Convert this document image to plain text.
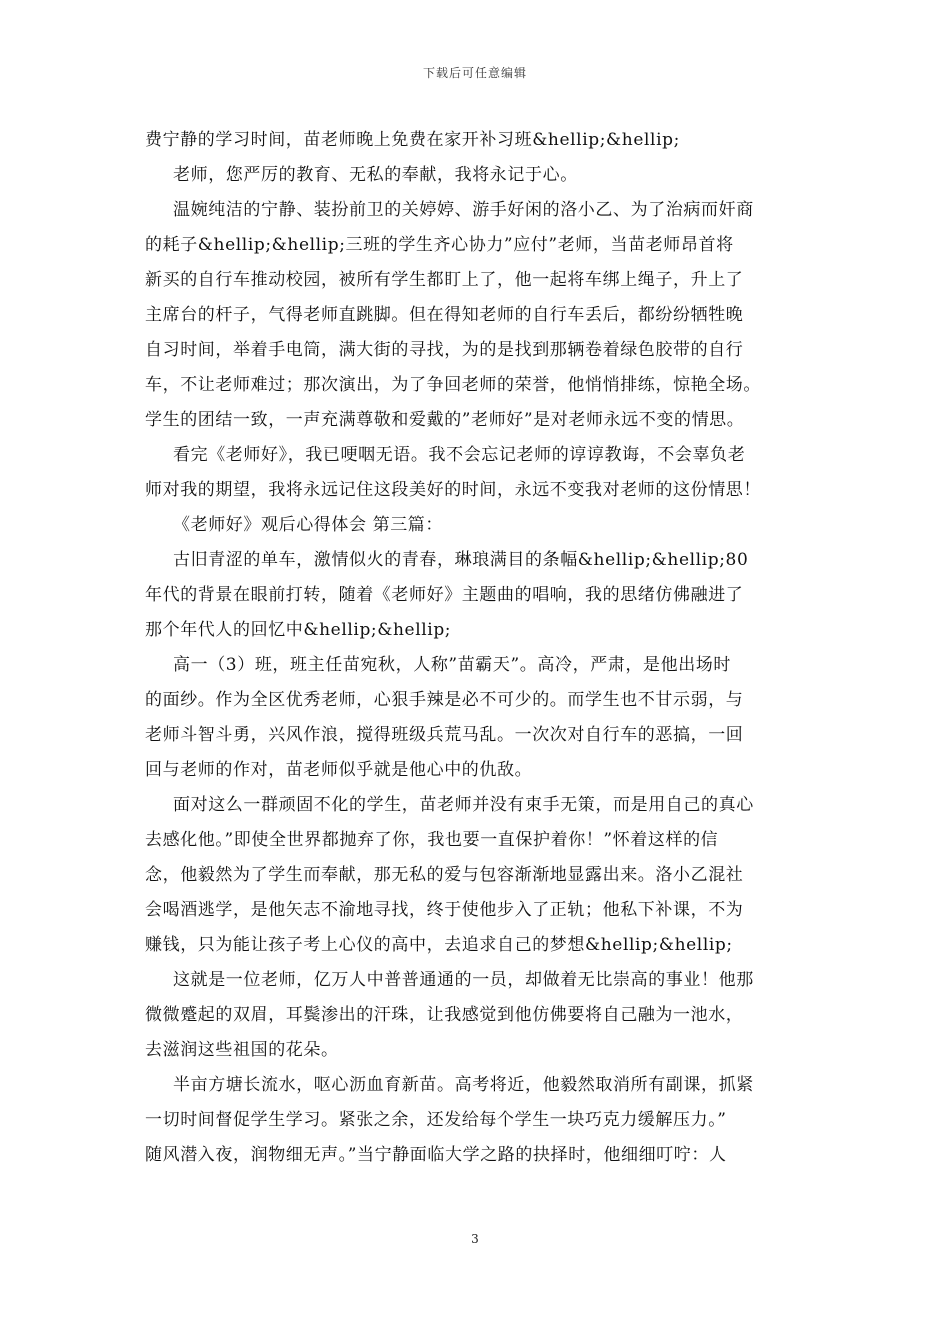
下载后可任意编辑
费宁静的学习时间，苗老师晚上免费在家开补习班&hellip;&hellip;
老师，您严厉的教育、无私的奉献，我将永记于心。
温婉纯洁的宁静、装扮前卫的关婷婷、游手好闲的洛小乙、为了治病而奸商
的耗子&hellip;&hellip;三班的学生齐心协力”应付”老师，当苗老师昂首将
新买的自行车推动校园，被所有学生都盯上了，他一起将车绑上绳子，升上了
主席台的杆子，气得老师直跳脚。但在得知老师的自行车丢后，都纷纷牺牲晚
自习时间，举着手电筒，满大街的寻找，为的是找到那辆卷着绿色胶带的自行
车，不让老师难过；那次演出，为了争回老师的荣誉，他悄悄排练，惊艳全场。
学生的团结一致，一声充满尊敬和爱戴的”老师好”是对老师永远不变的情思。
看完《老师好》，我已哽咽无语。我不会忘记老师的谆谆教诲，不会辜负老
师对我的期望，我将永远记住这段美好的时间，永远不变我对老师的这份情思！
《老师好》观后心得体会 第三篇：
古旧青涩的单车，激情似火的青春，琳琅满目的条幅&hellip;&hellip;80
年代的背景在眼前打转，随着《老师好》主题曲的唱响，我的思绪仿佛融进了
那个年代人的回忆中&hellip;&hellip;
高一（3）班，班主任苗宛秋，人称”苗霸天”。高冷，严肃，是他出场时
的面纱。作为全区优秀老师，心狠手辣是必不可少的。而学生也不甘示弱，与
老师斗智斗勇，兴风作浪，搅得班级兵荒马乱。一次次对自行车的恶搞，一回
回与老师的作对，苗老师似乎就是他心中的仇敌。
面对这么一群顽固不化的学生，苗老师并没有束手无策，而是用自己的真心
去感化他。”即使全世界都抛弃了你，我也要一直保护着你！”怀着这样的信
念，他毅然为了学生而奉献，那无私的爱与包容渐渐地显露出来。洛小乙混社
会喝酒逃学，是他矢志不渝地寻找，终于使他步入了正轨；他私下补课，不为
赚钱，只为能让孩子考上心仪的高中，去追求自己的梦想&hellip;&hellip;
这就是一位老师，亿万人中普普通通的一员，却做着无比崇高的事业！他那
微微蹙起的双眉，耳鬓渗出的汗珠，让我感觉到他仿佛要将自己融为一池水，
去滋润这些祖国的花朵。
半亩方塘长流水，呕心沥血育新苗。高考将近，他毅然取消所有副课，抓紧
一切时间督促学生学习。紧张之余，还发给每个学生一块巧克力缓解压力。”
随风潜入夜，润物细无声。”当宁静面临大学之路的抉择时，他细细叮咛：人
3
